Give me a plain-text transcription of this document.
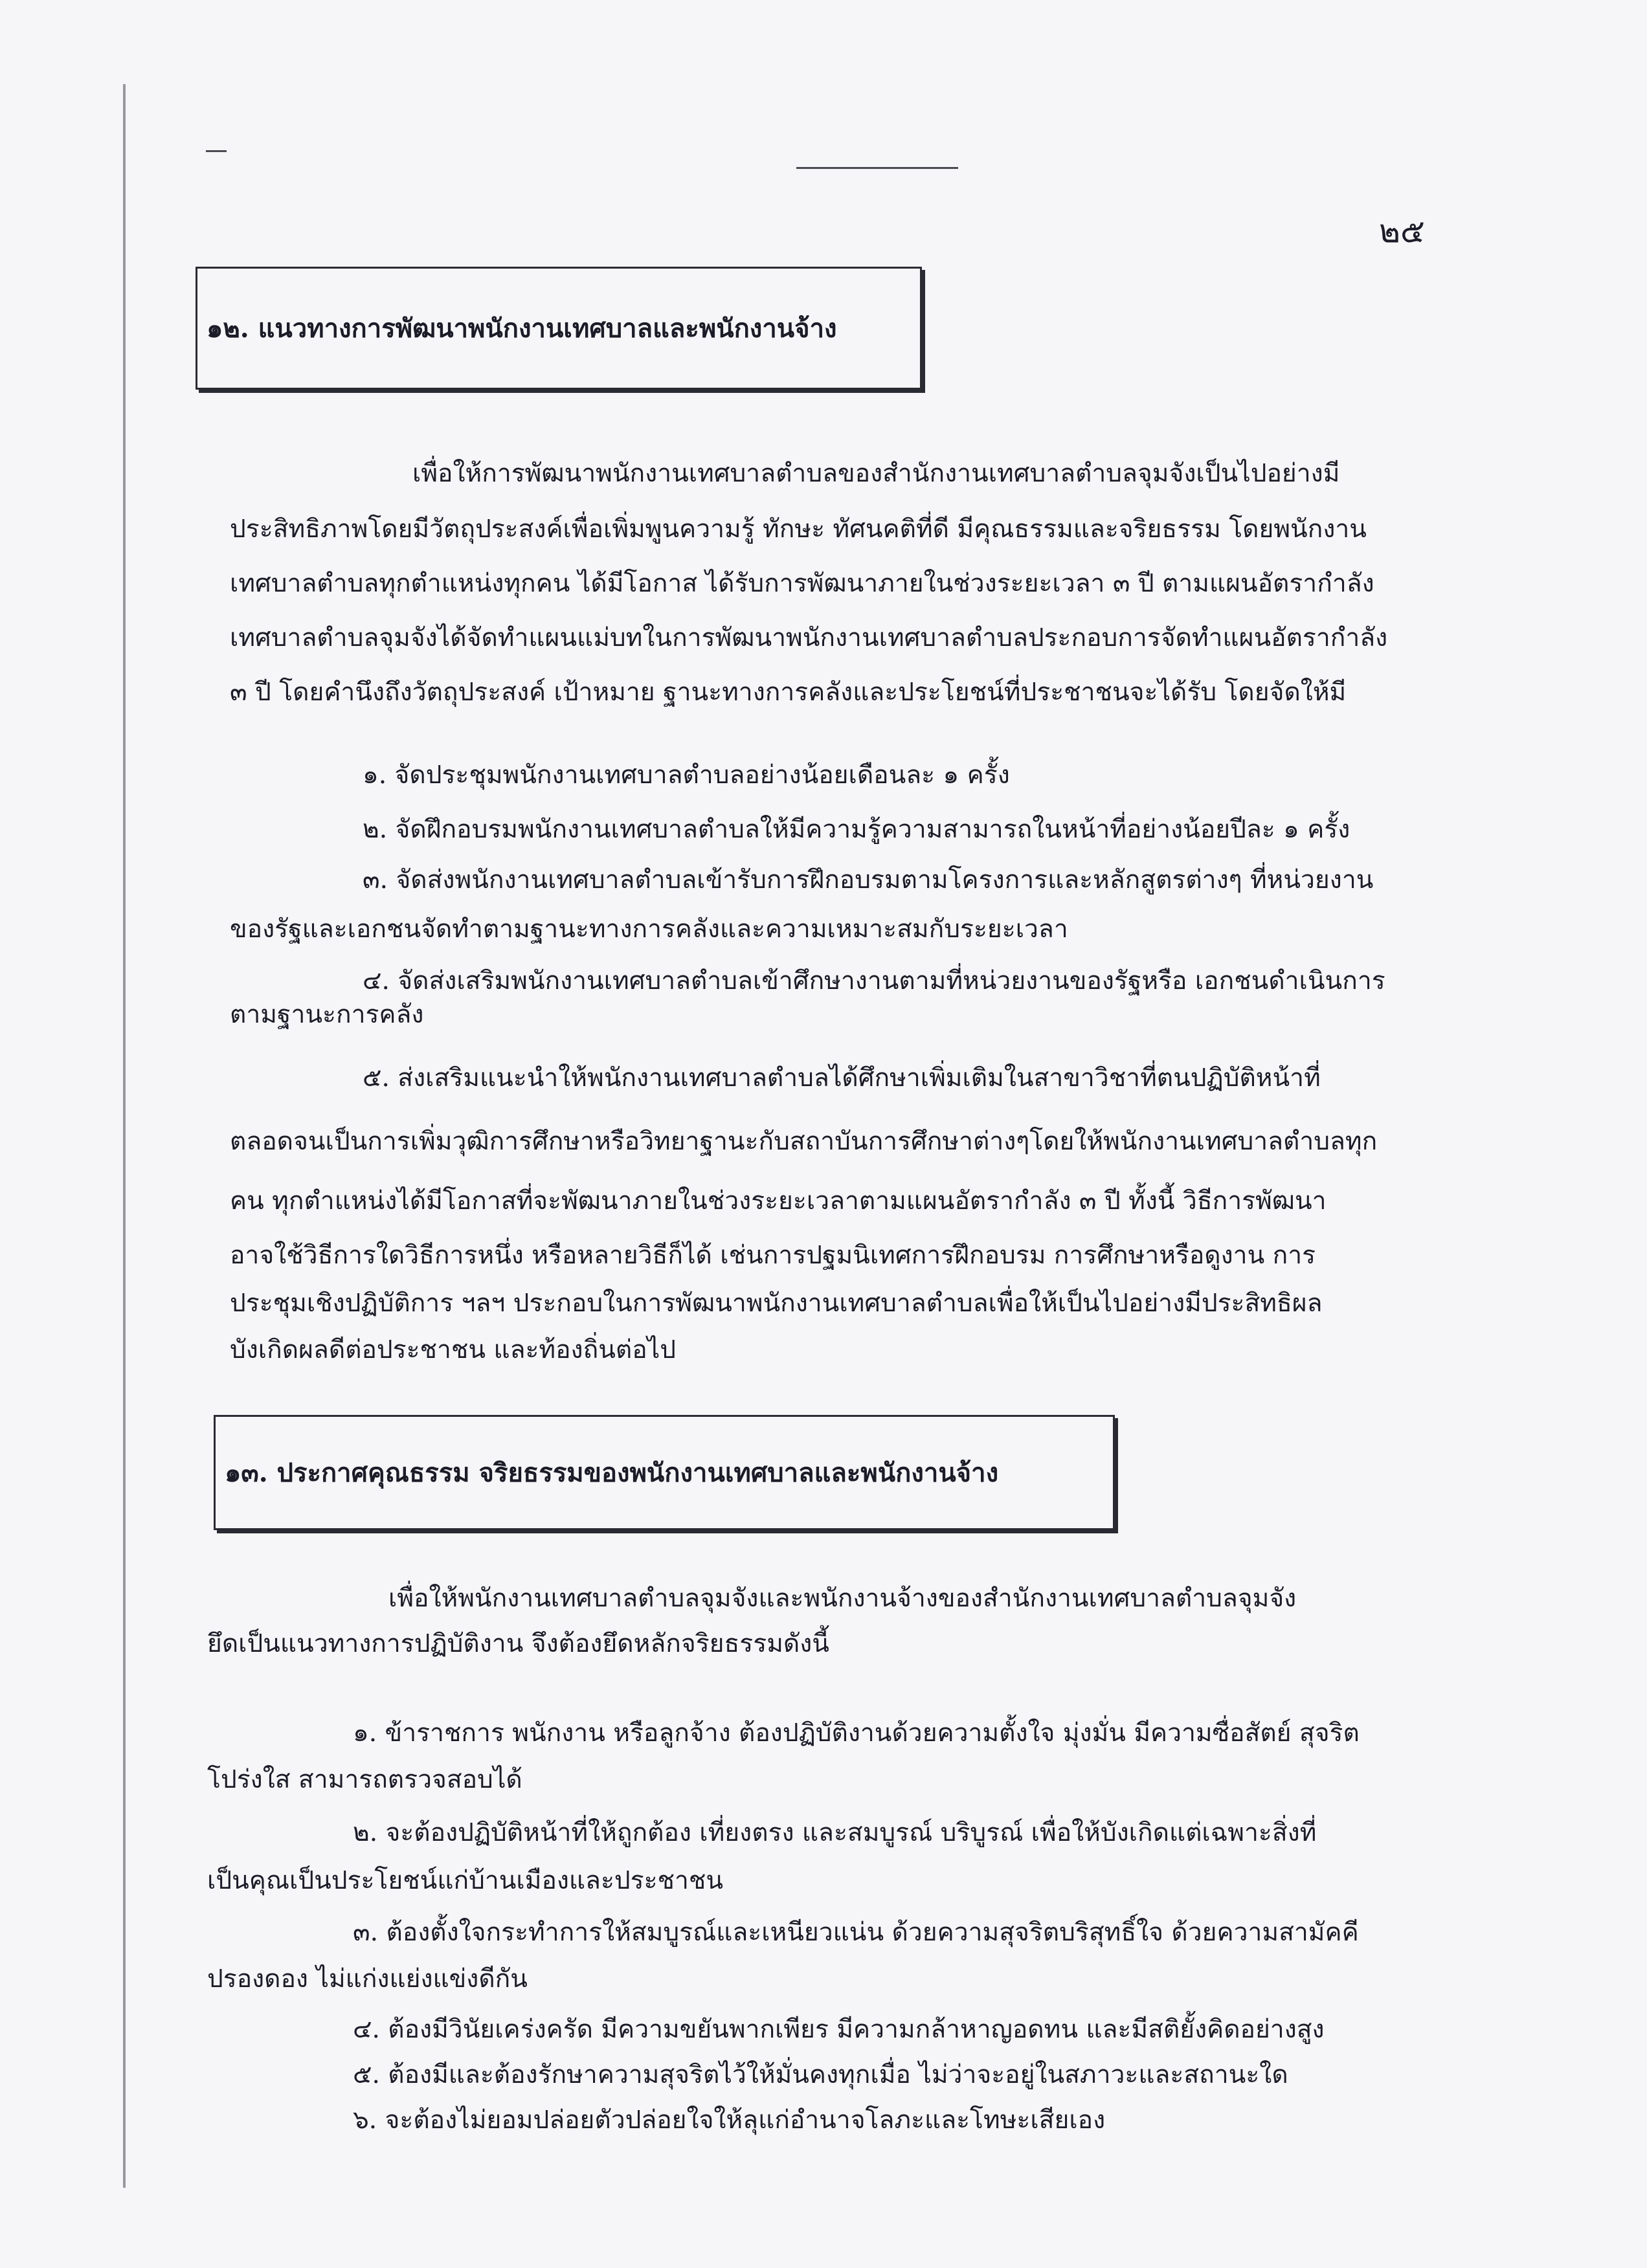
๒๕
๑๒. แนวทางการพัฒนาพนักงานเทศบาลและพนักงานจ้าง
เพื่อให้การพัฒนาพนักงานเทศบาลตำบลของสำนักงานเทศบาลตำบลจุมจังเป็นไปอย่างมี
ประสิทธิภาพโดยมีวัตถุประสงค์เพื่อเพิ่มพูนความรู้ ทักษะ ทัศนคติที่ดี มีคุณธรรมและจริยธรรม โดยพนักงาน
เทศบาลตำบลทุกตำแหน่งทุกคน ได้มีโอกาส ได้รับการพัฒนาภายในช่วงระยะเวลา ๓ ปี ตามแผนอัตรากำลัง
เทศบาลตำบลจุมจังได้จัดทำแผนแม่บทในการพัฒนาพนักงานเทศบาลตำบลประกอบการจัดทำแผนอัตรากำลัง
๓ ปี โดยคำนึงถึงวัตถุประสงค์ เป้าหมาย ฐานะทางการคลังและประโยชน์ที่ประชาชนจะได้รับ โดยจัดให้มี
๑. จัดประชุมพนักงานเทศบาลตำบลอย่างน้อยเดือนละ ๑ ครั้ง
๒. จัดฝึกอบรมพนักงานเทศบาลตำบลให้มีความรู้ความสามารถในหน้าที่อย่างน้อยปีละ ๑ ครั้ง
๓. จัดส่งพนักงานเทศบาลตำบลเข้ารับการฝึกอบรมตามโครงการและหลักสูตรต่างๆ ที่หน่วยงาน
ของรัฐและเอกชนจัดทำตามฐานะทางการคลังและความเหมาะสมกับระยะเวลา
๔. จัดส่งเสริมพนักงานเทศบาลตำบลเข้าศึกษางานตามที่หน่วยงานของรัฐหรือ เอกชนดำเนินการ
ตามฐานะการคลัง
๕. ส่งเสริมแนะนำให้พนักงานเทศบาลตำบลได้ศึกษาเพิ่มเติมในสาขาวิชาที่ตนปฏิบัติหน้าที่
ตลอดจนเป็นการเพิ่มวุฒิการศึกษาหรือวิทยาฐานะกับสถาบันการศึกษาต่างๆโดยให้พนักงานเทศบาลตำบลทุก
คน ทุกตำแหน่งได้มีโอกาสที่จะพัฒนาภายในช่วงระยะเวลาตามแผนอัตรากำลัง ๓ ปี ทั้งนี้ วิธีการพัฒนา
อาจใช้วิธีการใดวิธีการหนึ่ง หรือหลายวิธีก็ได้ เช่นการปฐมนิเทศการฝึกอบรม การศึกษาหรือดูงาน การ
ประชุมเชิงปฏิบัติการ ฯลฯ ประกอบในการพัฒนาพนักงานเทศบาลตำบลเพื่อให้เป็นไปอย่างมีประสิทธิผล
บังเกิดผลดีต่อประชาชน และท้องถิ่นต่อไป
๑๓. ประกาศคุณธรรม จริยธรรมของพนักงานเทศบาลและพนักงานจ้าง
เพื่อให้พนักงานเทศบาลตำบลจุมจังและพนักงานจ้างของสำนักงานเทศบาลตำบลจุมจัง
ยึดเป็นแนวทางการปฏิบัติงาน จึงต้องยึดหลักจริยธรรมดังนี้
๑. ข้าราชการ พนักงาน หรือลูกจ้าง ต้องปฏิบัติงานด้วยความตั้งใจ มุ่งมั่น มีความซื่อสัตย์ สุจริต
โปร่งใส สามารถตรวจสอบได้
๒. จะต้องปฏิบัติหน้าที่ให้ถูกต้อง เที่ยงตรง และสมบูรณ์ บริบูรณ์ เพื่อให้บังเกิดแต่เฉพาะสิ่งที่
เป็นคุณเป็นประโยชน์แก่บ้านเมืองและประชาชน
๓. ต้องตั้งใจกระทำการให้สมบูรณ์และเหนียวแน่น ด้วยความสุจริตบริสุทธิ์ใจ ด้วยความสามัคคี
ปรองดอง ไม่แก่งแย่งแข่งดีกัน
๔. ต้องมีวินัยเคร่งครัด มีความขยันพากเพียร มีความกล้าหาญอดทน และมีสติยั้งคิดอย่างสูง
๕. ต้องมีและต้องรักษาความสุจริตไว้ให้มั่นคงทุกเมื่อ ไม่ว่าจะอยู่ในสภาวะและสถานะใด
๖. จะต้องไม่ยอมปล่อยตัวปล่อยใจให้ลุแก่อำนาจโลภะและโทษะเสียเอง
